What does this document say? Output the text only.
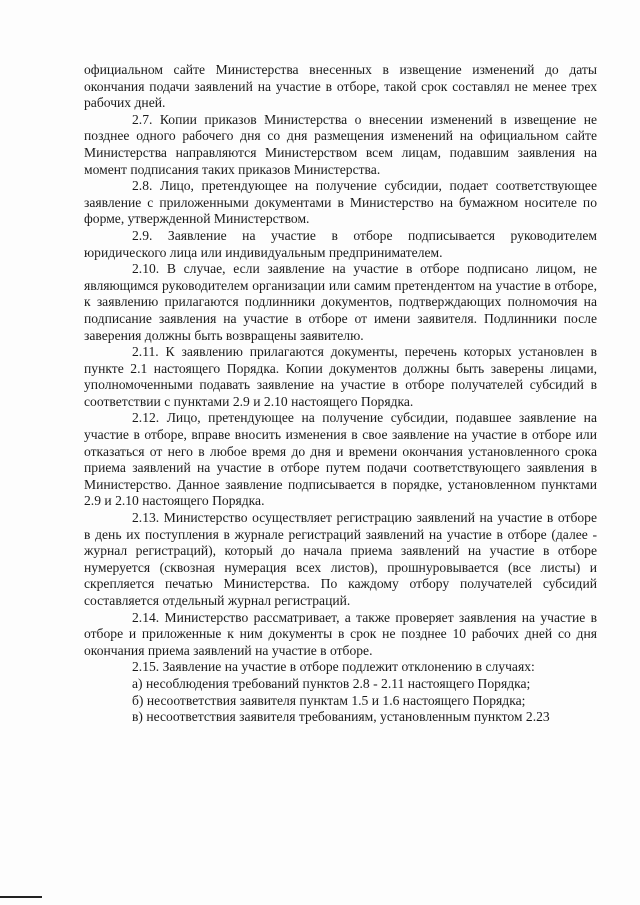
официальном сайте Министерства внесенных в извещение изменений до даты окончания подачи заявлений на участие в отборе, такой срок составлял не менее трех рабочих дней.

2.7. Копии приказов Министерства о внесении изменений в извещение не позднее одного рабочего дня со дня размещения изменений на официальном сайте Министерства направляются Министерством всем лицам, подавшим заявления на момент подписания таких приказов Министерства.

2.8. Лицо, претендующее на получение субсидии, подает соответствующее заявление с приложенными документами в Министерство на бумажном носителе по форме, утвержденной Министерством.

2.9. Заявление на участие в отборе подписывается руководителем юридического лица или индивидуальным предпринимателем.

2.10. В случае, если заявление на участие в отборе подписано лицом, не являющимся руководителем организации или самим претендентом на участие в отборе, к заявлению прилагаются подлинники документов, подтверждающих полномочия на подписание заявления на участие в отборе от имени заявителя. Подлинники после заверения должны быть возвращены заявителю.

2.11. К заявлению прилагаются документы, перечень которых установлен в пункте 2.1 настоящего Порядка. Копии документов должны быть заверены лицами, уполномоченными подавать заявление на участие в отборе получателей субсидий в соответствии с пунктами 2.9 и 2.10 настоящего Порядка.

2.12. Лицо, претендующее на получение субсидии, подавшее заявление на участие в отборе, вправе вносить изменения в свое заявление на участие в отборе или отказаться от него в любое время до дня и времени окончания установленного срока приема заявлений на участие в отборе путем подачи соответствующего заявления в Министерство. Данное заявление подписывается в порядке, установленном пунктами 2.9 и 2.10 настоящего Порядка.

2.13. Министерство осуществляет регистрацию заявлений на участие в отборе в день их поступления в журнале регистраций заявлений на участие в отборе (далее - журнал регистраций), который до начала приема заявлений на участие в отборе нумеруется (сквозная нумерация всех листов), прошнуровывается (все листы) и скрепляется печатью Министерства. По каждому отбору получателей субсидий составляется отдельный журнал регистраций.

2.14. Министерство рассматривает, а также проверяет заявления на участие в отборе и приложенные к ним документы в срок не позднее 10 рабочих дней со дня окончания приема заявлений на участие в отборе.

2.15. Заявление на участие в отборе подлежит отклонению в случаях:

а) несоблюдения требований пунктов 2.8 - 2.11 настоящего Порядка;

б) несоответствия заявителя пунктам 1.5 и 1.6 настоящего Порядка;

в) несоответствия заявителя требованиям, установленным пунктом 2.23
